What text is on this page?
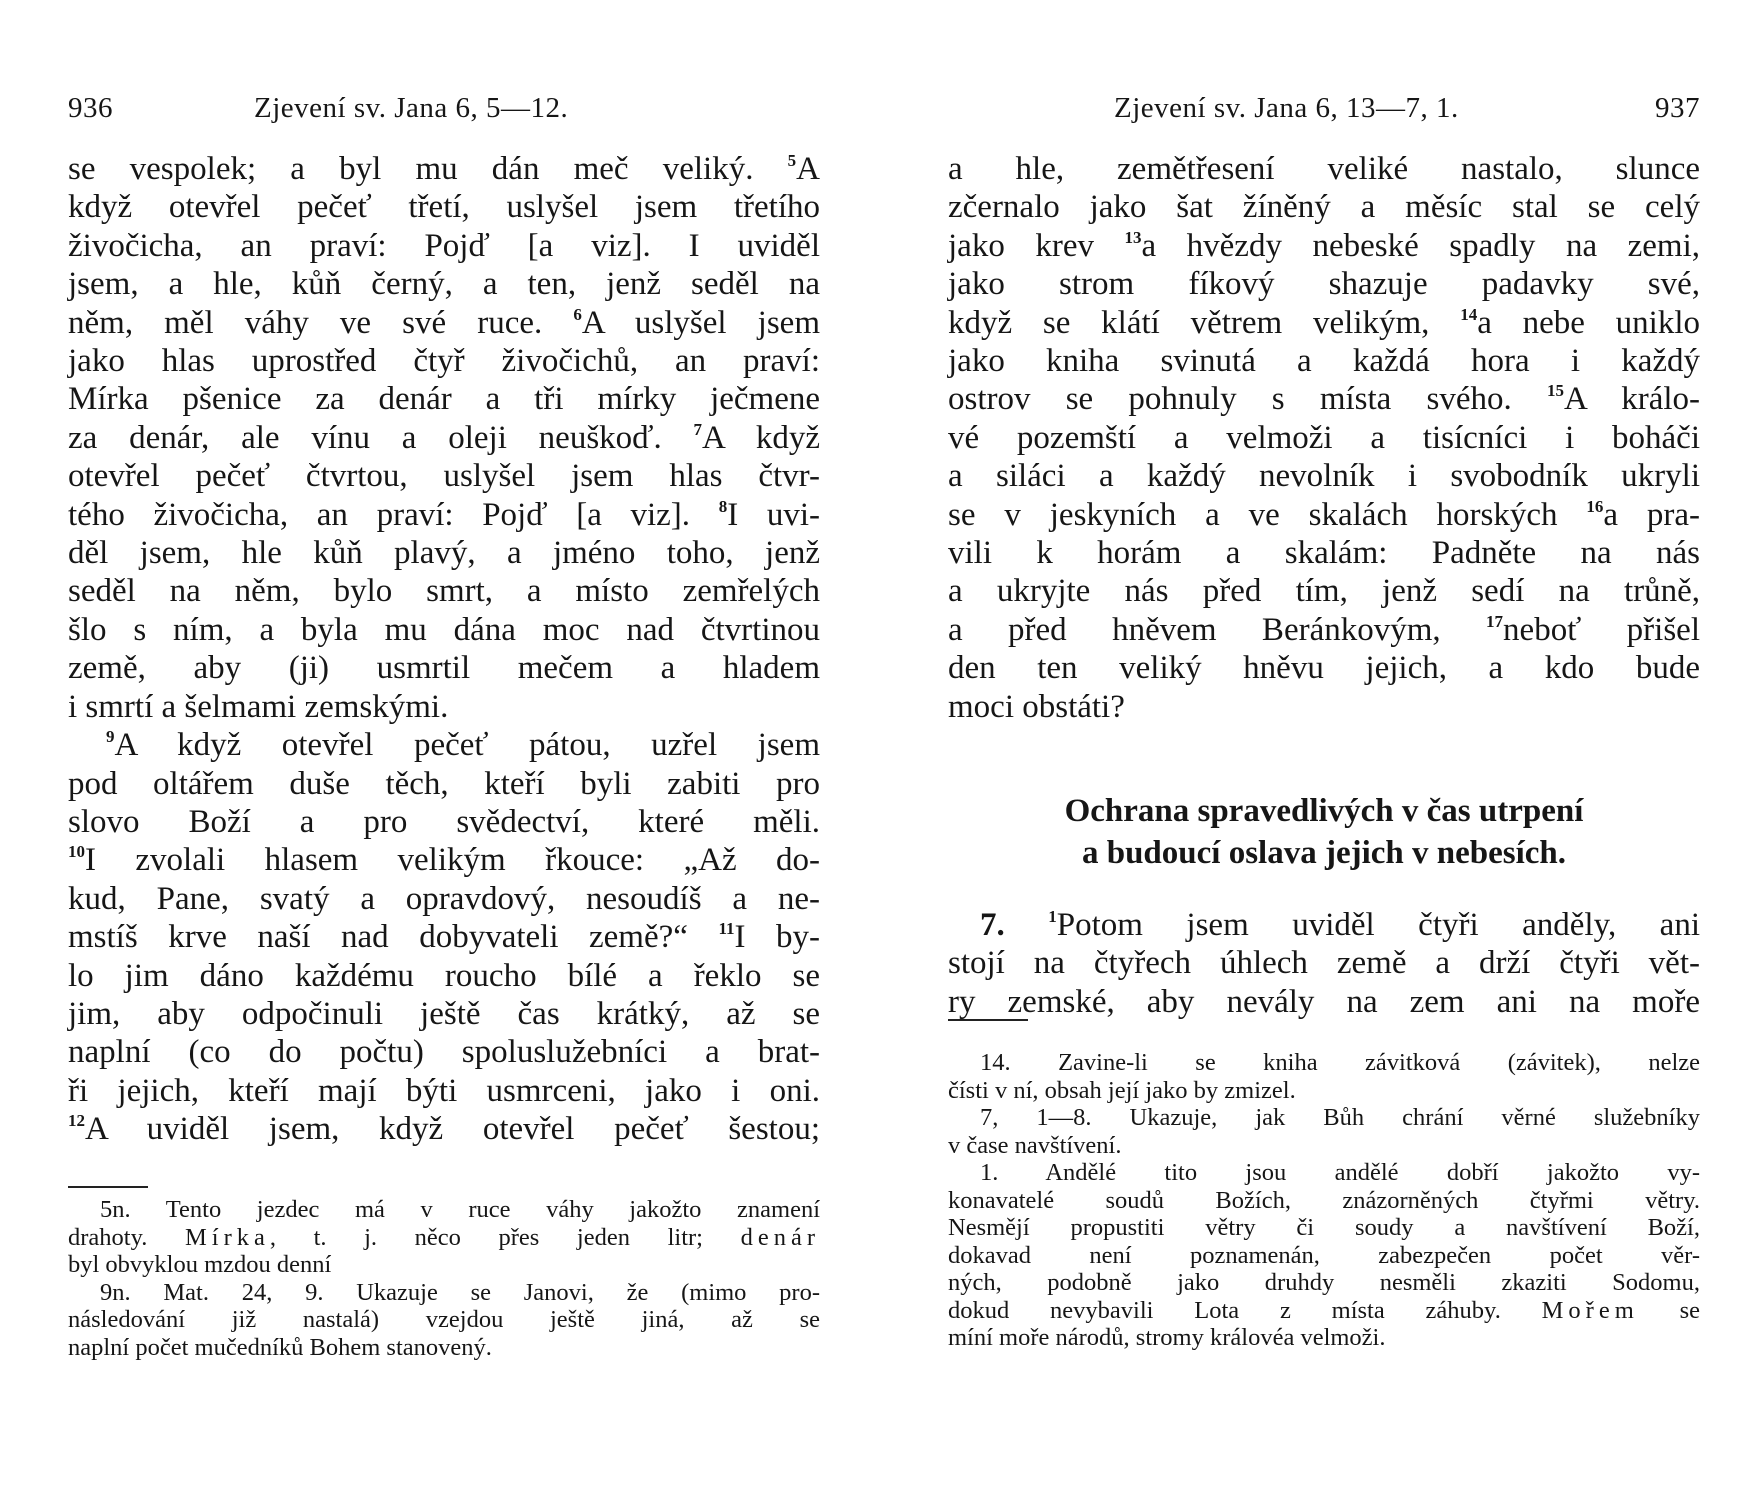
936	Zjevení sv. Jana 6, 5—12.
se vespolek; a byl mu dán meč veliký. $^5$A
když otevřel pečeť třetí, uslyšel jsem třetího
živočicha, an praví: Pojď [a viz]. I uviděl
jsem, a hle, kůň černý, a ten, jenž seděl na
něm, měl váhy ve své ruce. $^6$A uslyšel jsem
jako hlas uprostřed čtyř živočichů, an praví:
Mírka pšenice za denár a tři mírky ječmene
za denár, ale vínu a oleji neuškoď. $^7$A když
otevřel pečeť čtvrtou, uslyšel jsem hlas čtvr-
tého živočicha, an praví: Pojď [a viz]. $^8$I uvi-
děl jsem, hle kůň plavý, a jméno toho, jenž
seděl na něm, bylo smrt, a místo zemřelých
šlo s ním, a byla mu dána moc nad čtvrtinou
země, aby (ji) usmrtil mečem a hladem
i smrtí a šelmami zemskými.
$^9$A když otevřel pečeť pátou, uzřel jsem
pod oltářem duše těch, kteří byli zabiti pro
slovo Boží a pro svědectví, které měli.
$^{10}$I zvolali hlasem velikým řkouce: „Až do-
kud, Pane, svatý a opravdový, nesoudíš a ne-
mstíš krve naší nad dobyvateli země?“ $^{11}$I by-
lo jim dáno každému roucho bílé a řeklo se
jim, aby odpočinuli ještě čas krátký, až se
naplní (co do počtu) spoluslužebníci a brat-
ři jejich, kteří mají býti usmrceni, jako i oni.
$^{12}$A uviděl jsem, když otevřel pečeť šestou;
5n. Tento jezdec má v ruce váhy jakožto znamení
drahoty. Mírka, t. j. něco přes jeden litr; denár
byl obvyklou mzdou denní
9n. Mat. 24, 9. Ukazuje se Janovi, že (mimo pro-
následování již nastalá) vzejdou ještě jiná, až se
naplní počet mučedníků Bohem stanovený.
Zjevení sv. Jana 6, 13—7, 1.	937
a hle, zemětřesení veliké nastalo, slunce
zčernalo jako šat žíněný a měsíc stal se celý
jako krev $^{13}$a hvězdy nebeské spadly na zemi,
jako strom fíkový shazuje padavky své,
když se klátí větrem velikým, $^{14}$a nebe uniklo
jako kniha svinutá a každá hora i každý
ostrov se pohnuly s místa svého. $^{15}$A králo-
vé pozemští a velmoži a tisícníci i boháči
a siláci a každý nevolník i svobodník ukryli
se v jeskyních a ve skalách horských $^{16}$a pra-
vili k horám a skalám: Padněte na nás
a ukryjte nás před tím, jenž sedí na trůně,
a před hněvem Beránkovým, $^{17}$neboť přišel
den ten veliký hněvu jejich, a kdo bude
moci obstáti?
Ochrana spravedlivých v čas utrpení
a budoucí oslava jejich v nebesích.
7.	$^1$Potom jsem uviděl čtyři anděly, ani
stojí na čtyřech úhlech země a drží čtyři vět-
ry zemské, aby nevály na zem ani na moře
14. Zavine-li se kniha závitková (závitek), nelze
čísti v ní, obsah její jako by zmizel.
7, 1—8. Ukazuje, jak Bůh chrání věrné služebníky
v čase navštívení.
1. Andělé tito jsou andělé dobří jakožto vy-
konavatelé soudů Božích, znázorněných čtyřmi větry.
Nesmějí propustiti větry či soudy a navštívení Boží,
dokavad není poznamenán, zabezpečen počet věr-
ných, podobně jako druhdy nesměli zkaziti Sodomu,
dokud nevybavili Lota z místa záhuby. Mořem se
míní moře národů, stromy královéa velmoži.
